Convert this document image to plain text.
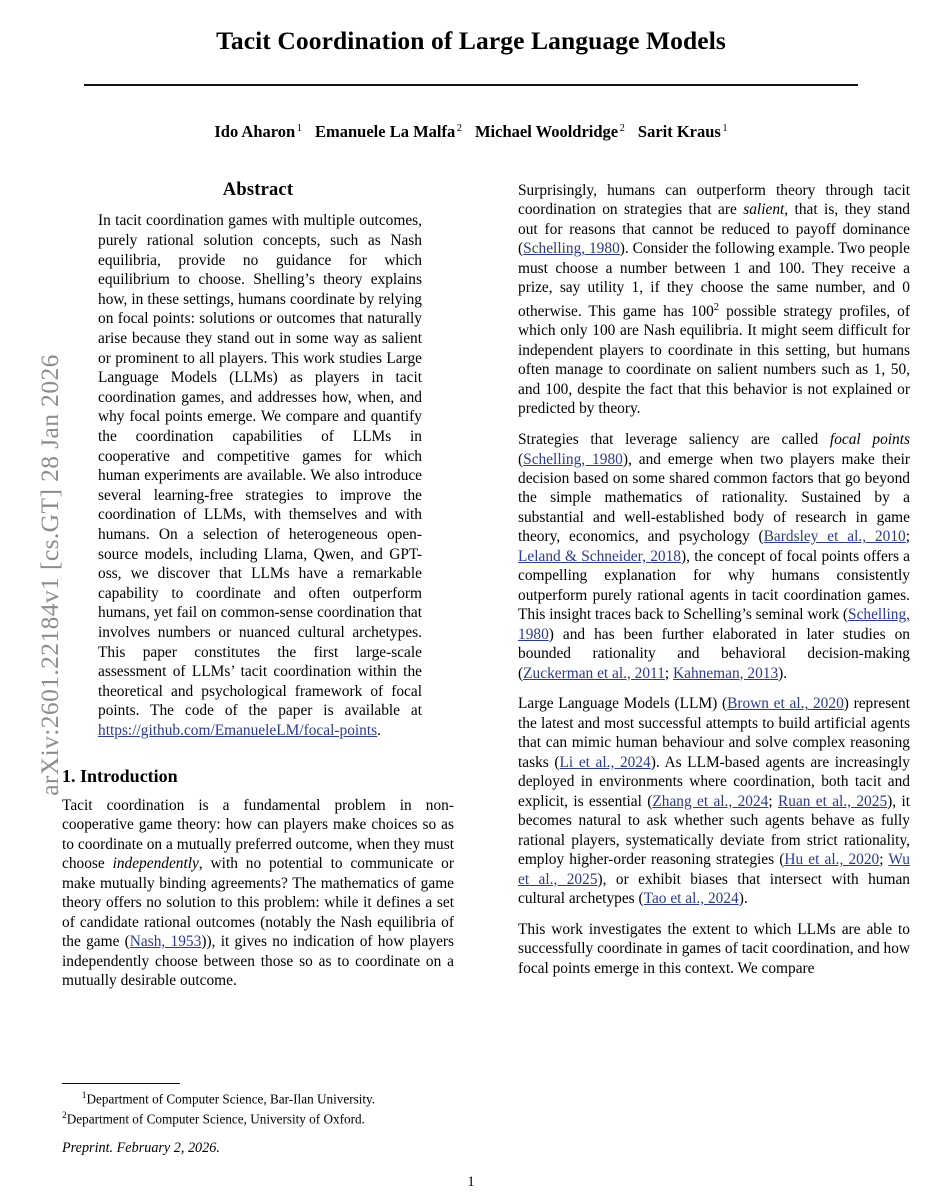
arXiv:2601.22184v1 [cs.GT] 28 Jan 2026
Tacit Coordination of Large Language Models
Ido Aharon $^1$ Emanuele La Malfa $^2$ Michael Wooldridge $^2$ Sarit Kraus $^1$
Abstract
In tacit coordination games with multiple outcomes, purely rational solution concepts, such as Nash equilibria, provide no guidance for which equilibrium to choose. Shelling’s theory explains how, in these settings, humans coordinate by relying on focal points: solutions or outcomes that naturally arise because they stand out in some way as salient or prominent to all players. This work studies Large Language Models (LLMs) as players in tacit coordination games, and addresses how, when, and why focal points emerge. We compare and quantify the coordination capabilities of LLMs in cooperative and competitive games for which human experiments are available. We also introduce several learning-free strategies to improve the coordination of LLMs, with themselves and with humans. On a selection of heterogeneous open-source models, including Llama, Qwen, and GPT-oss, we discover that LLMs have a remarkable capability to coordinate and often outperform humans, yet fail on common-sense coordination that involves numbers or nuanced cultural archetypes. This paper constitutes the first large-scale assessment of LLMs’ tacit coordination within the theoretical and psychological framework of focal points. The code of the paper is available at https://github.com/EmanueleLM/focal-points.
1. Introduction

Tacit coordination is a fundamental problem in non-cooperative game theory: how can players make choices so as to coordinate on a mutually preferred outcome, when they must choose independently, with no potential to communicate or make mutually binding agreements? The mathematics of game theory offers no solution to this problem: while it defines a set of candidate rational outcomes (notably the Nash equilibria of the game (Nash, 1953)), it gives no indication of how players independently choose between those so as to coordinate on a mutually desirable outcome.

Surprisingly, humans can outperform theory through tacit coordination on strategies that are salient, that is, they stand out for reasons that cannot be reduced to payoff dominance (Schelling, 1980). Consider the following example. Two people must choose a number between 1 and 100. They receive a prize, say utility 1, if they choose the same number, and 0 otherwise. This game has $100^2$ possible strategy profiles, of which only 100 are Nash equilibria. It might seem difficult for independent players to coordinate in this setting, but humans often manage to coordinate on salient numbers such as 1, 50, and 100, despite the fact that this behavior is not explained or predicted by theory.

Strategies that leverage saliency are called focal points (Schelling, 1980), and emerge when two players make their decision based on some shared common factors that go beyond the simple mathematics of rationality. Sustained by a substantial and well-established body of research in game theory, economics, and psychology (Bardsley et al., 2010; Leland & Schneider, 2018), the concept of focal points offers a compelling explanation for why humans consistently outperform purely rational agents in tacit coordination games. This insight traces back to Schelling’s seminal work (Schelling, 1980) and has been further elaborated in later studies on bounded rationality and behavioral decision-making (Zuckerman et al., 2011; Kahneman, 2013).

Large Language Models (LLM) (Brown et al., 2020) represent the latest and most successful attempts to build artificial agents that can mimic human behaviour and solve complex reasoning tasks (Li et al., 2024). As LLM-based agents are increasingly deployed in environments where coordination, both tacit and explicit, is essential (Zhang et al., 2024; Ruan et al., 2025), it becomes natural to ask whether such agents behave as fully rational players, systematically deviate from strict rationality, employ higher-order reasoning strategies (Hu et al., 2020; Wu et al., 2025), or exhibit biases that intersect with human cultural archetypes (Tao et al., 2024).

This work investigates the extent to which LLMs are able to successfully coordinate in games of tacit coordination, and how focal points emerge in this context. We compare

$^1$Department of Computer Science, Bar-Ilan University.

$^2$Department of Computer Science, University of Oxford.

Preprint. February 2, 2026.
1
